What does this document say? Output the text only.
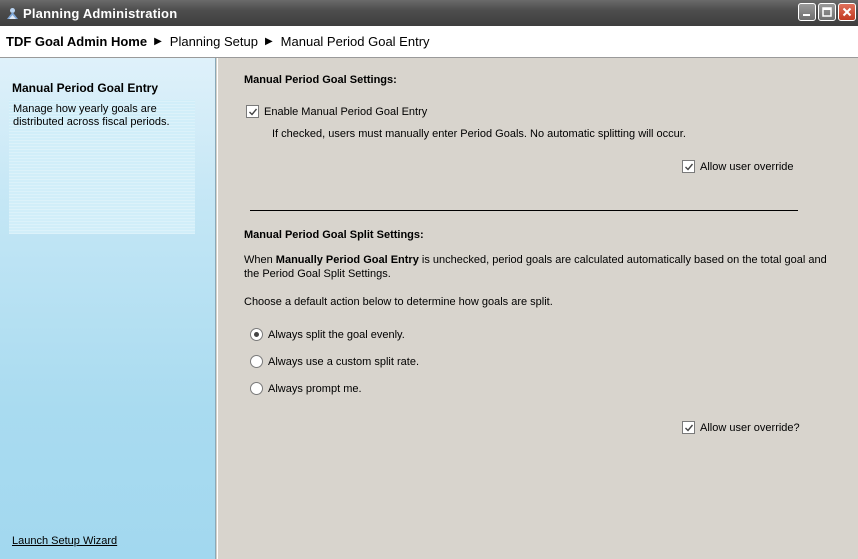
Planning Administration
TDF Goal Admin Home ▶ Planning Setup ▶ Manual Period Goal Entry
Manual Period Goal Entry
Manage how yearly goals are distributed across fiscal periods.
Launch Setup Wizard
Manual Period Goal Settings:
Enable Manual Period Goal Entry
If checked, users must manually enter Period Goals. No automatic splitting will occur.
Allow user override
Manual Period Goal Split Settings:
When Manually Period Goal Entry is unchecked, period goals are calculated automatically based on the total goal and
the Period Goal Split Settings.
Choose a default action below to determine how goals are split.
Always split the goal evenly.
Always use a custom split rate.
Always prompt me.
Allow user override?
